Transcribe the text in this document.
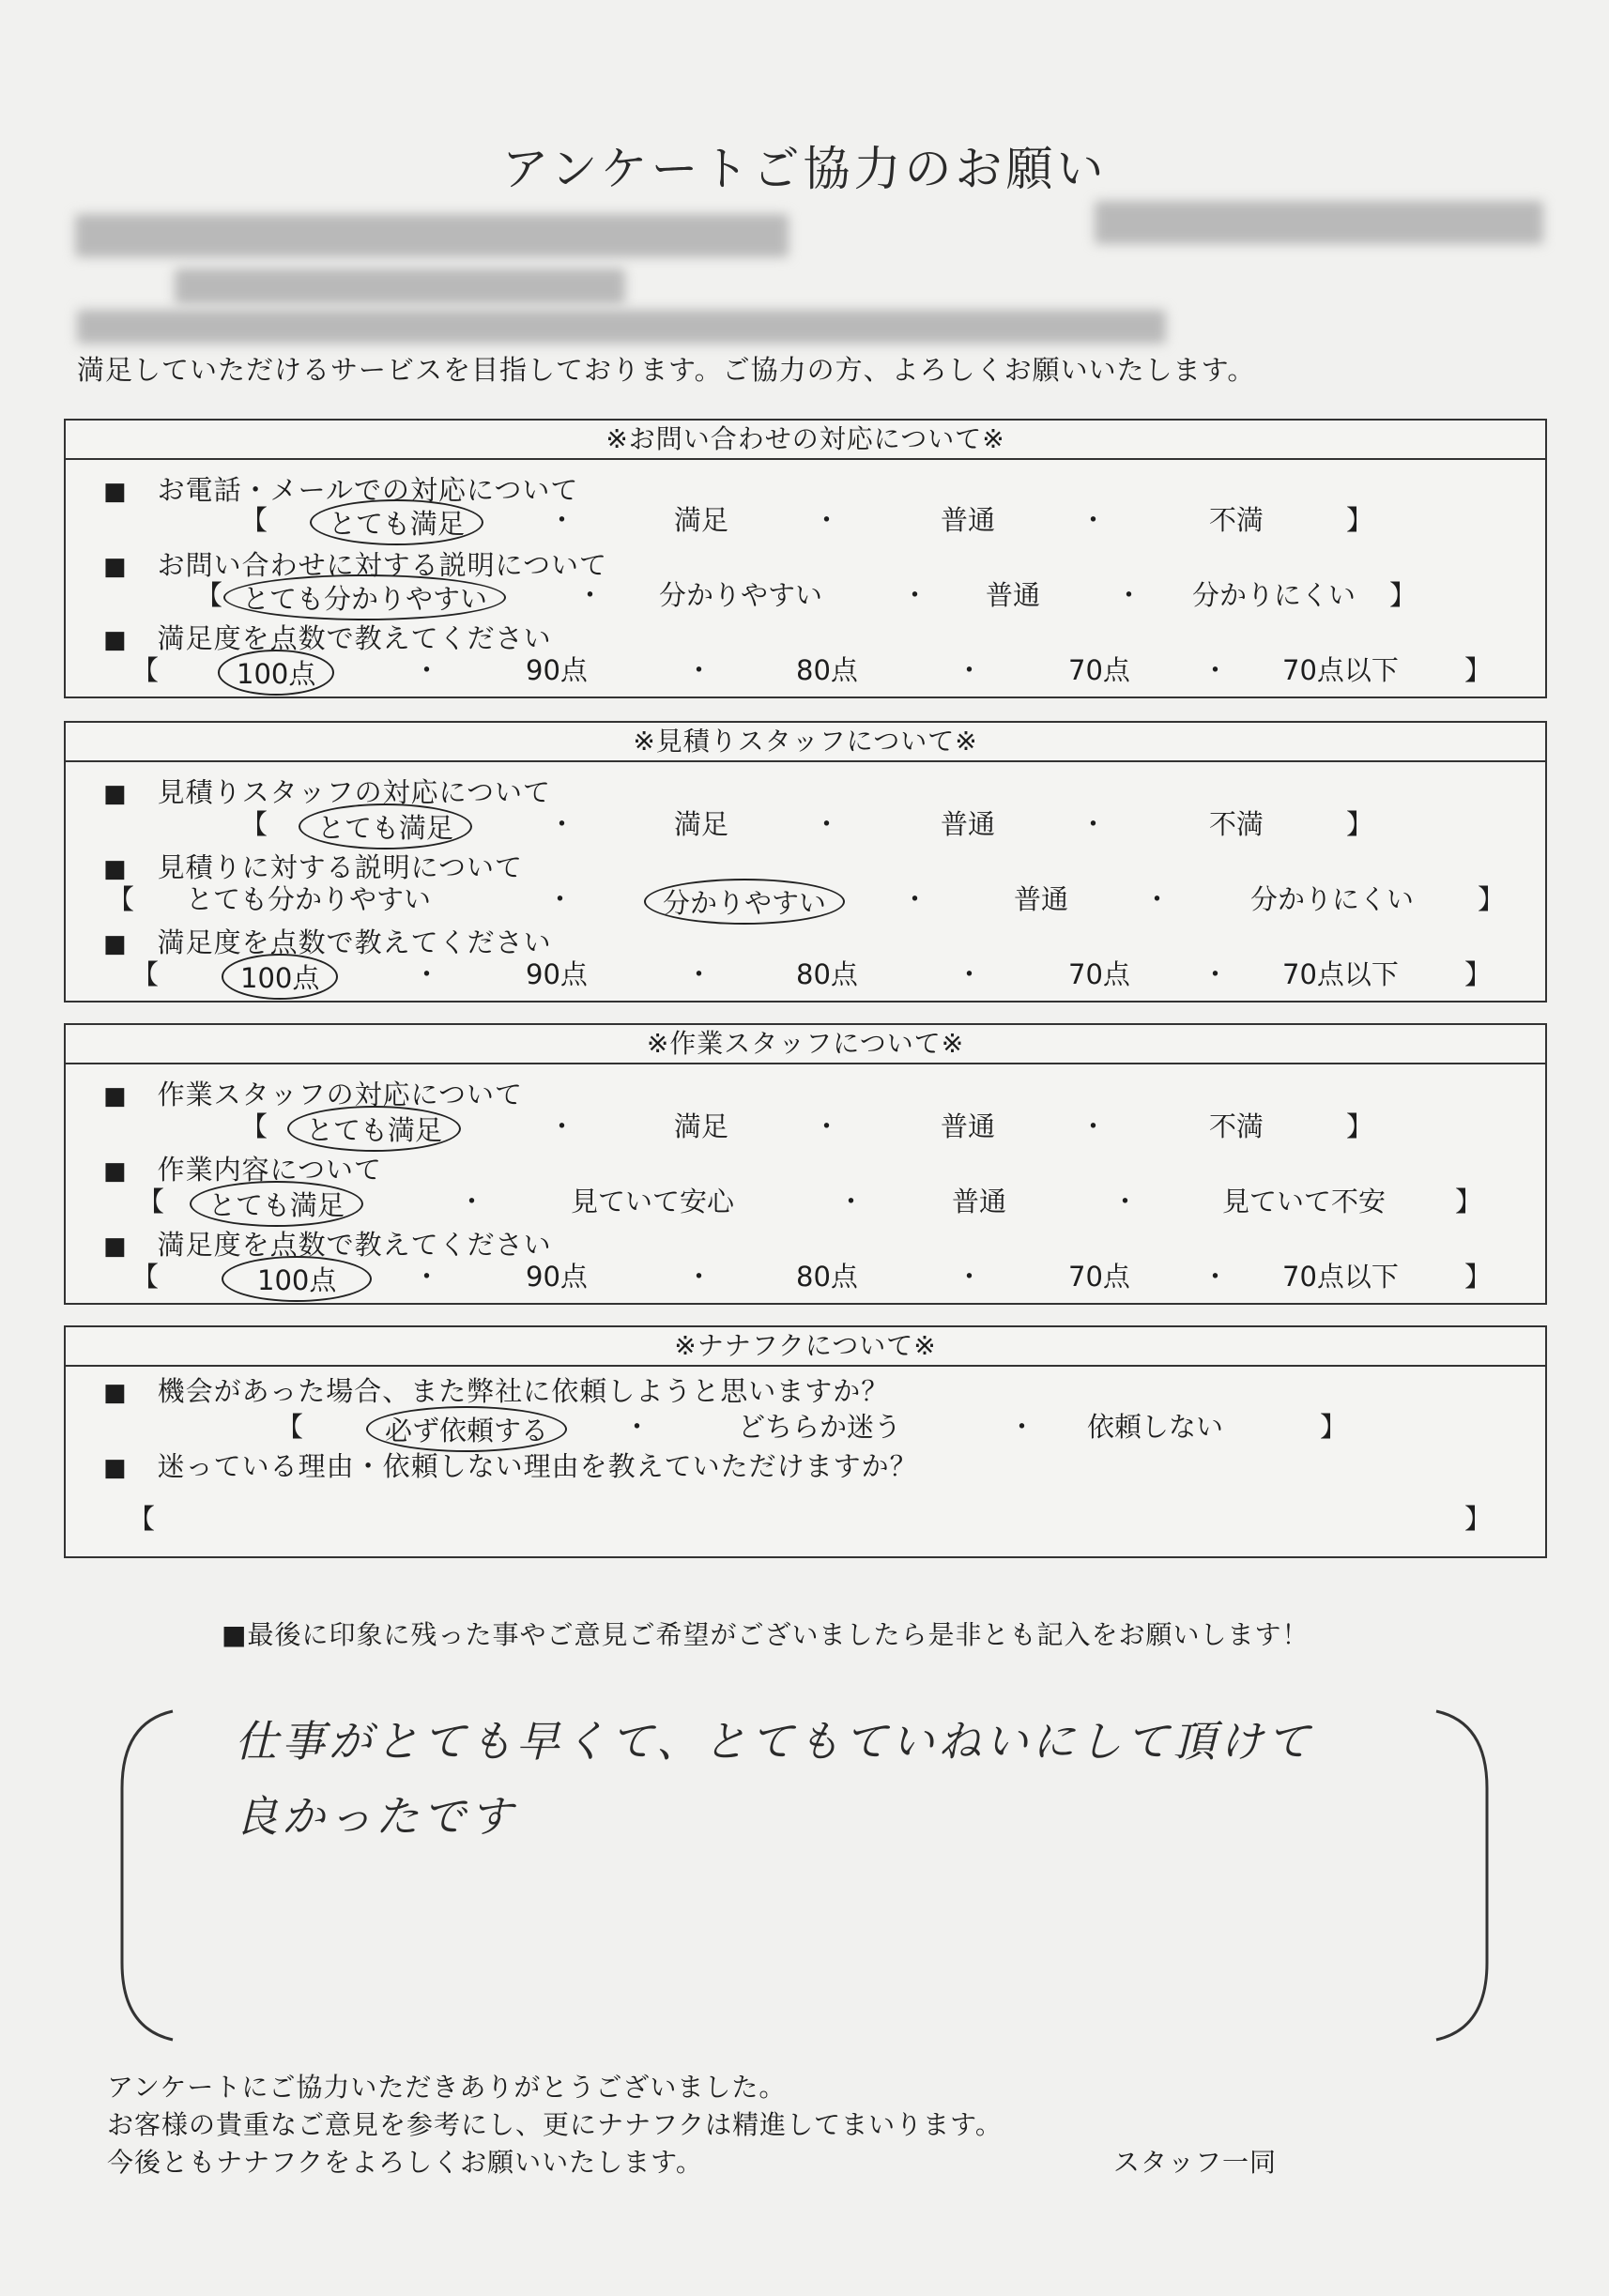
アンケートご協力のお願い
満足していただけるサービスを目指しております。ご協力の方、よろしくお願いいたします。
※お問い合わせの対応について※
■ お電話・メールでの対応について
【	とても満足	・	満足	・	普通	・	不満	】
■ お問い合わせに対する説明について
【 とても分かりやすい	・ 分かりやすい	・ 普通	・ 分かりにくい 】
■ 満足度を点数で教えてください
【	100点	・	90点	・	80点	・	70点	・ 70点以下 】
※見積りスタッフについて※
■ 見積りスタッフの対応について
【	とても満足	・	満足	・	普通	・	不満	】
■ 見積りに対する説明について
【 とても分かりやすい	・	分かりやすい	・	普通	・	分かりにくい 】
■ 満足度を点数で教えてください
【	100点	・	90点	・	80点	・	70点	・ 70点以下 】
※作業スタッフについて※
■ 作業スタッフの対応について
【	とても満足	・	満足	・	普通	・	不満	】
■ 作業内容について
【	とても満足	・	見ていて安心	・	普通	・	見ていて不安	】
■ 満足度を点数で教えてください
【	100点	・	90点	・	80点	・	70点	・ 70点以下 】
※ナナフクについて※
■ 機会があった場合、また弊社に依頼しようと思いますか？
【	必ず依頼する	・	どちらか迷う	・ 依頼しない	】
■ 迷っている理由・依頼しない理由を教えていただけますか？
【	】
■最後に印象に残った事やご意見ご希望がございましたら是非とも記入をお願いします！
仕事がとても早くて、とてもていねいにして頂けて
良かったです
アンケートにご協力いただきありがとうございました。
お客様の貴重なご意見を参考にし、更にナナフクは精進してまいります。
今後ともナナフクをよろしくお願いいたします。	スタッフ一同
